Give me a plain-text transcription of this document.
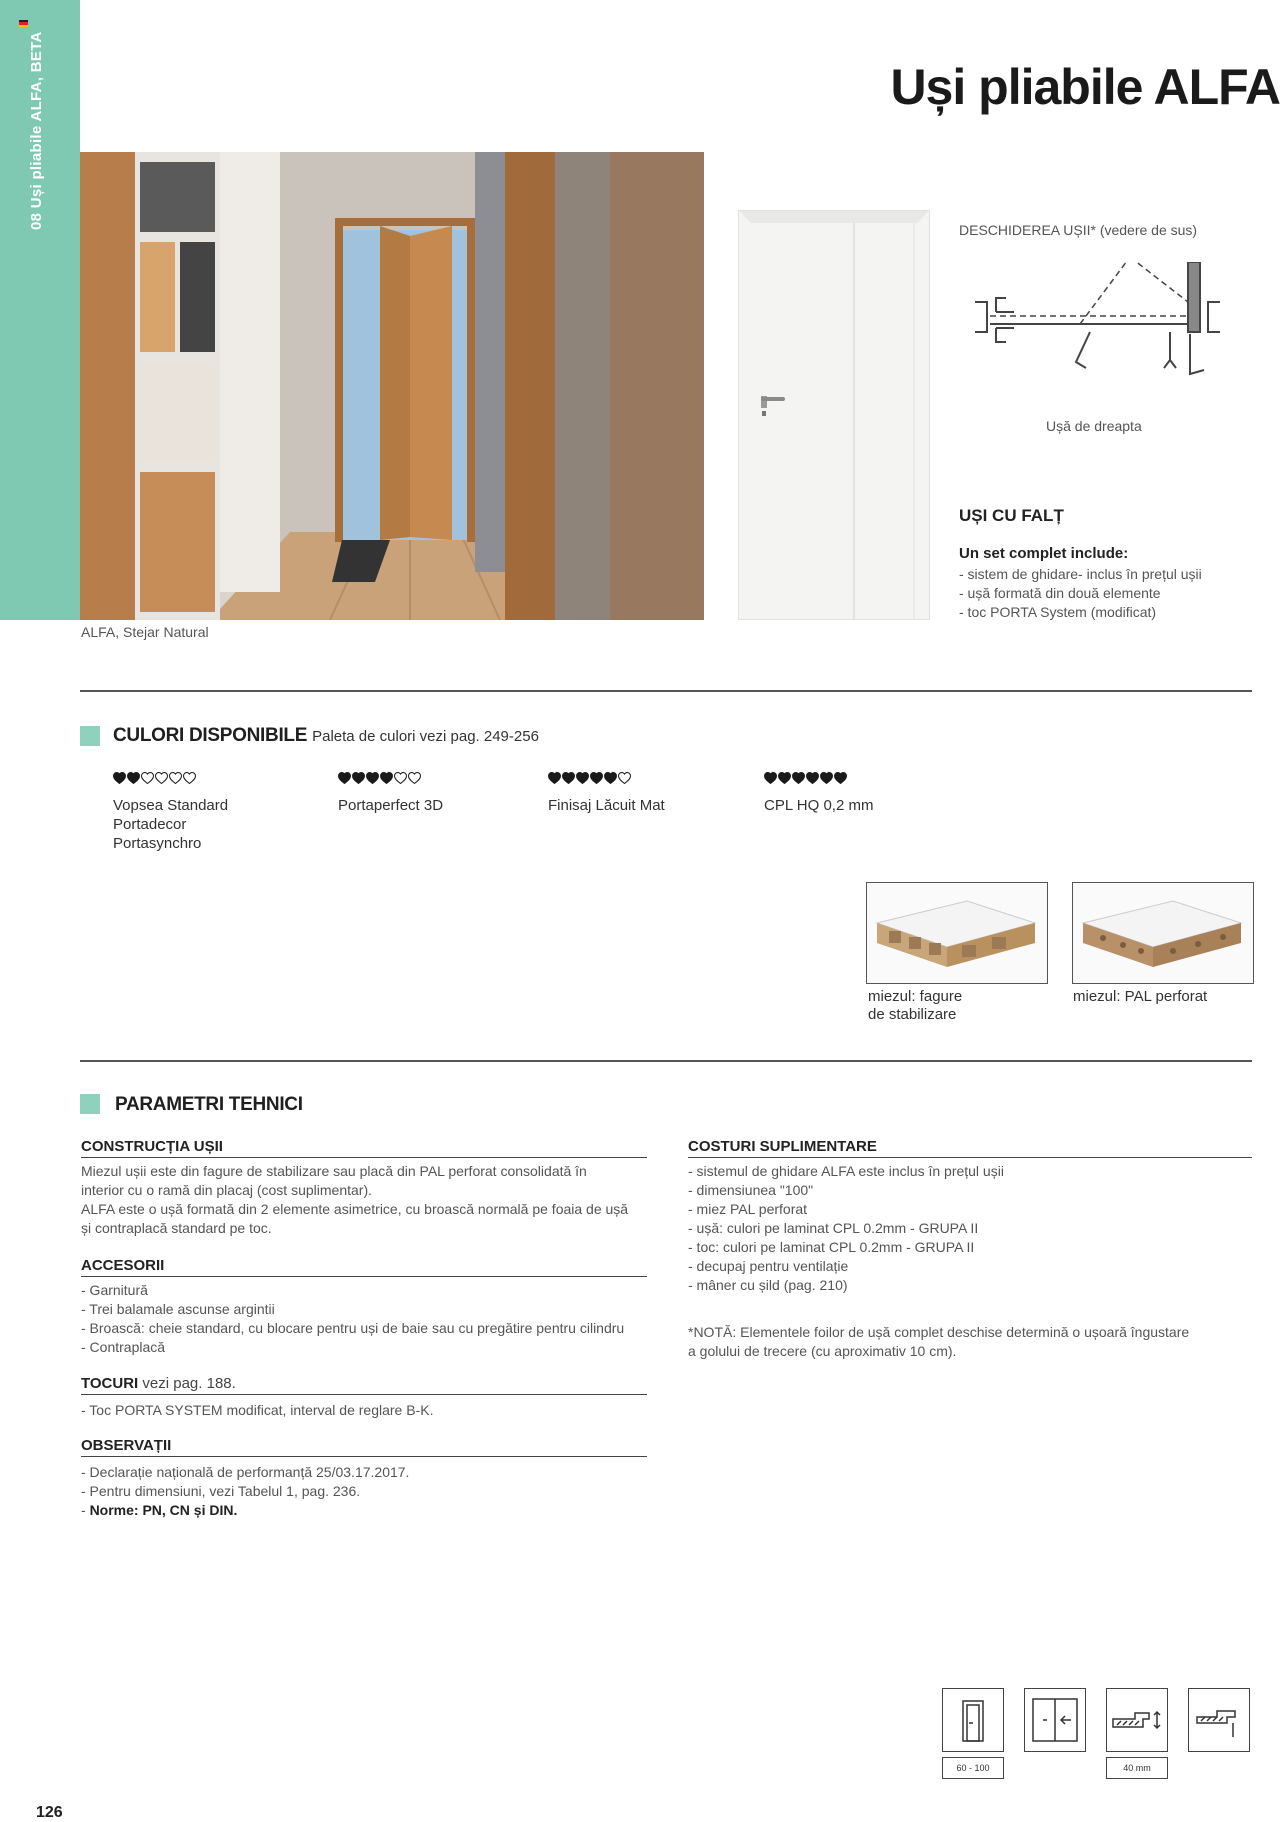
08 Uși pliabile ALFA, BETA	Uși pliabile ALFA
ALFA, Stejar Natural
DESCHIDEREA UȘII* (vedere de sus)
Ușă de dreapta
UȘI CU FALȚ
Un set complet include:
- sistem de ghidare- inclus în prețul ușii
- ușă formată din două elemente
- toc PORTA System (modificat)
CULORI DISPONIBILE Paleta de culori vezi pag. 249-256
Vopsea Standard
Portadecor
Portasynchro
Portaperfect 3D	Finisaj Lăcuit Mat	CPL HQ 0,2 mm
miezul: fagure
de stabilizare
miezul: PAL perforat
PARAMETRI TEHNICI
CONSTRUCȚIA UȘII
Miezul ușii este din fagure de stabilizare sau placă din PAL perforat consolidată în
interior cu o ramă din placaj (cost suplimentar).
ALFA este o ușă formată din 2 elemente asimetrice, cu broască normală pe foaia de ușă
și contraplacă standard pe toc.
ACCESORII
- Garnitură
- Trei balamale ascunse argintii
- Broască: cheie standard, cu blocare pentru uși de baie sau cu pregătire pentru cilindru
- Contraplacă
TOCURI vezi pag. 188.
- Toc PORTA SYSTEM modificat, interval de reglare B-K.
OBSERVAȚII
- Declarație națională de performanță 25/03.17.2017.
- Pentru dimensiuni, vezi Tabelul 1, pag. 236.
- Norme: PN, CN și DIN.
COSTURI SUPLIMENTARE
- sistemul de ghidare ALFA este inclus în prețul ușii
- dimensiunea "100"
- miez PAL perforat
- ușă: culori pe laminat CPL 0.2mm - GRUPA II
- toc: culori pe laminat CPL 0.2mm - GRUPA II
- decupaj pentru ventilație
- mâner cu șild (pag. 210)
*NOTĂ: Elementele foilor de ușă complet deschise determină o ușoară îngustare
a golului de trecere (cu aproximativ 10 cm).
60 - 100	40 mm
126
